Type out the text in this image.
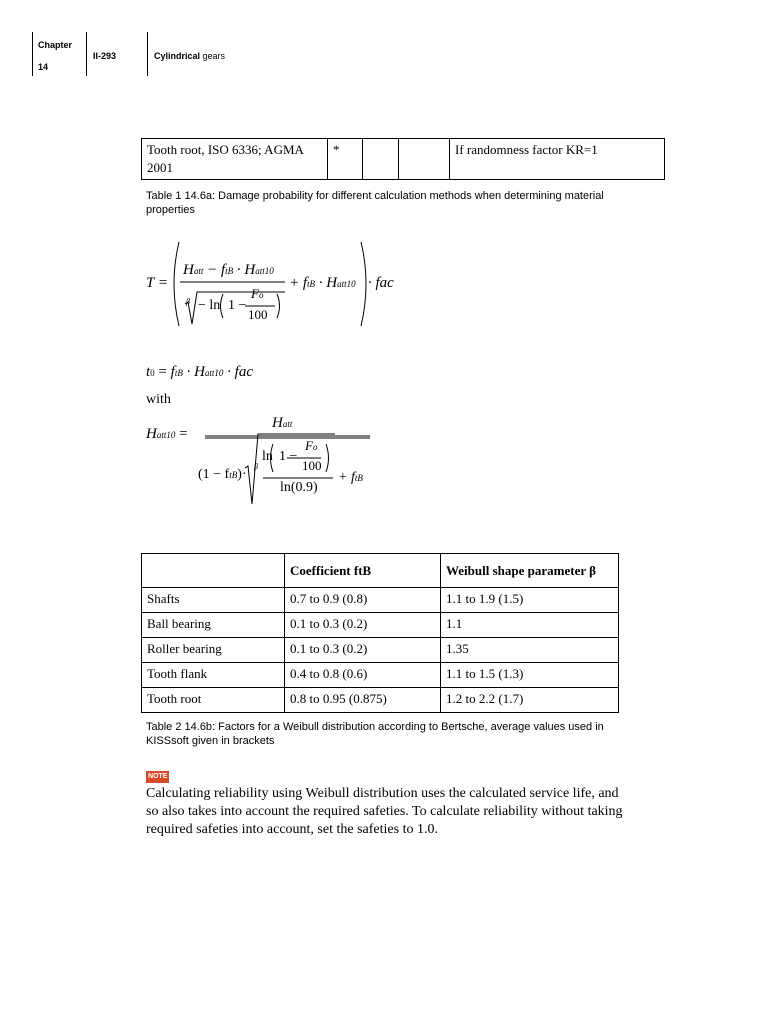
Chapter
14
II-293	Cylindrical gears
Tooth root, ISO 6336; AGMA 2001	*			If randomness factor KR=1
Table 1 14.6a: Damage probability for different calculation methods when determining material properties
T =
Hatt − ftB · Hatt10
β − ln 1 −
Fo
100
+ ftB · Hatt10 · fac
t0 = ftB · Hatt10 · fac
with
Hatt10 =
Hatt
ln 1 −
Fo
100
β
(1 − ftB)·
ln(0.9)
+ ftB
	Coefficient ftB	Weibull shape parameter β
Shafts	0.7 to 0.9 (0.8)	1.1 to 1.9 (1.5)
Ball bearing	0.1 to 0.3 (0.2)	1.1
Roller bearing	0.1 to 0.3 (0.2)	1.35
Tooth flank	0.4 to 0.8 (0.6)	1.1 to 1.5 (1.3)
Tooth root	0.8 to 0.95 (0.875)	1.2 to 2.2 (1.7)
Table 2 14.6b: Factors for a Weibull distribution according to Bertsche, average values used in KISSsoft given in brackets
NOTE
Calculating reliability using Weibull distribution uses the calculated service life, and so also takes into account the required safeties. To calculate reliability without taking required safeties into account, set the safeties to 1.0.
